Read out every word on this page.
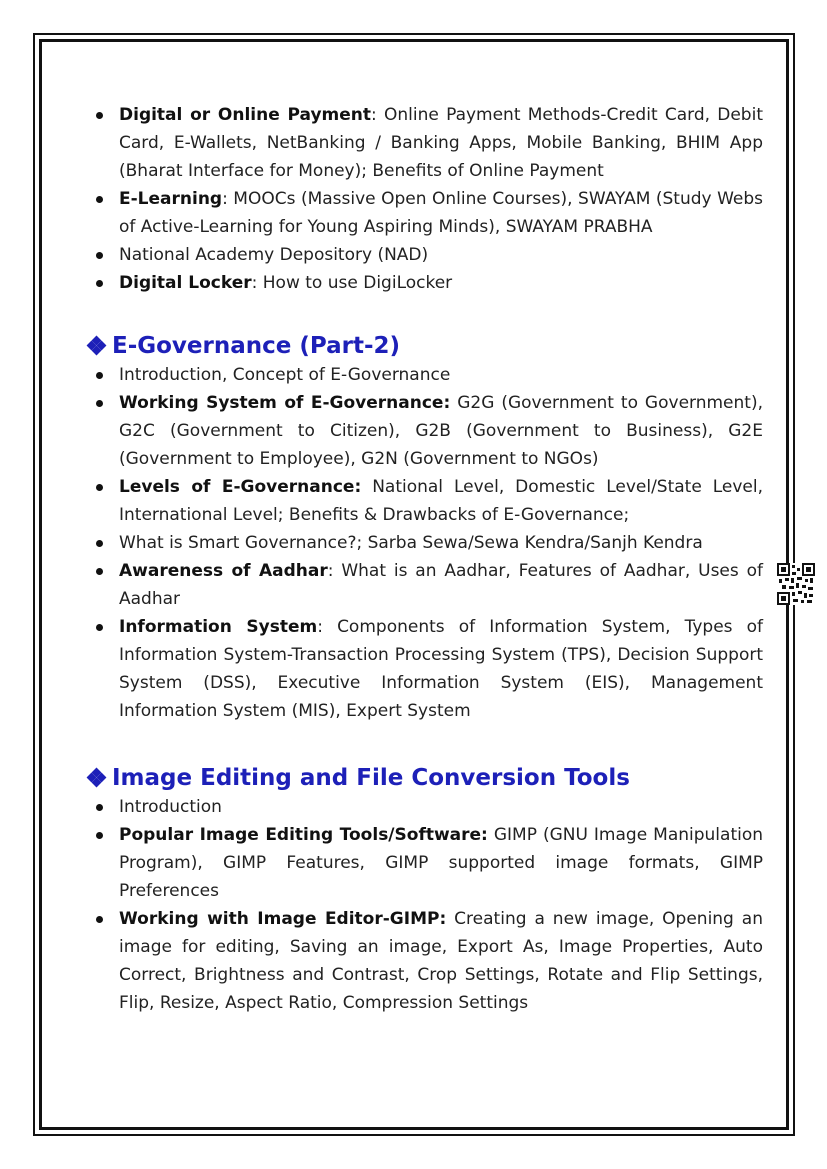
Digital or Online Payment: Online Payment Methods-Credit Card, Debit Card, E-Wallets, NetBanking / Banking Apps, Mobile Banking, BHIM App (Bharat Interface for Money); Benefits of Online Payment
E-Learning: MOOCs (Massive Open Online Courses), SWAYAM (Study Webs of Active-Learning for Young Aspiring Minds), SWAYAM PRABHA
National Academy Depository (NAD)
Digital Locker: How to use DigiLocker
E-Governance (Part-2)
Introduction, Concept of E-Governance
Working System of E-Governance: G2G (Government to Government), G2C (Government to Citizen), G2B (Government to Business), G2E (Government to Employee), G2N (Government to NGOs)
Levels of E-Governance: National Level, Domestic Level/State Level, International Level; Benefits & Drawbacks of E-Governance;
What is Smart Governance?; Sarba Sewa/Sewa Kendra/Sanjh Kendra
Awareness of Aadhar: What is an Aadhar, Features of Aadhar, Uses of Aadhar
Information System: Components of Information System, Types of Information System-Transaction Processing System (TPS), Decision Support System (DSS), Executive Information System (EIS), Management Information System (MIS), Expert System
Image Editing and File Conversion Tools
Introduction
Popular Image Editing Tools/Software: GIMP (GNU Image Manipulation Program), GIMP Features, GIMP supported image formats, GIMP Preferences
Working with Image Editor-GIMP: Creating a new image, Opening an image for editing, Saving an image, Export As, Image Properties, Auto Correct, Brightness and Contrast, Crop Settings, Rotate and Flip Settings, Flip, Resize, Aspect Ratio, Compression Settings
